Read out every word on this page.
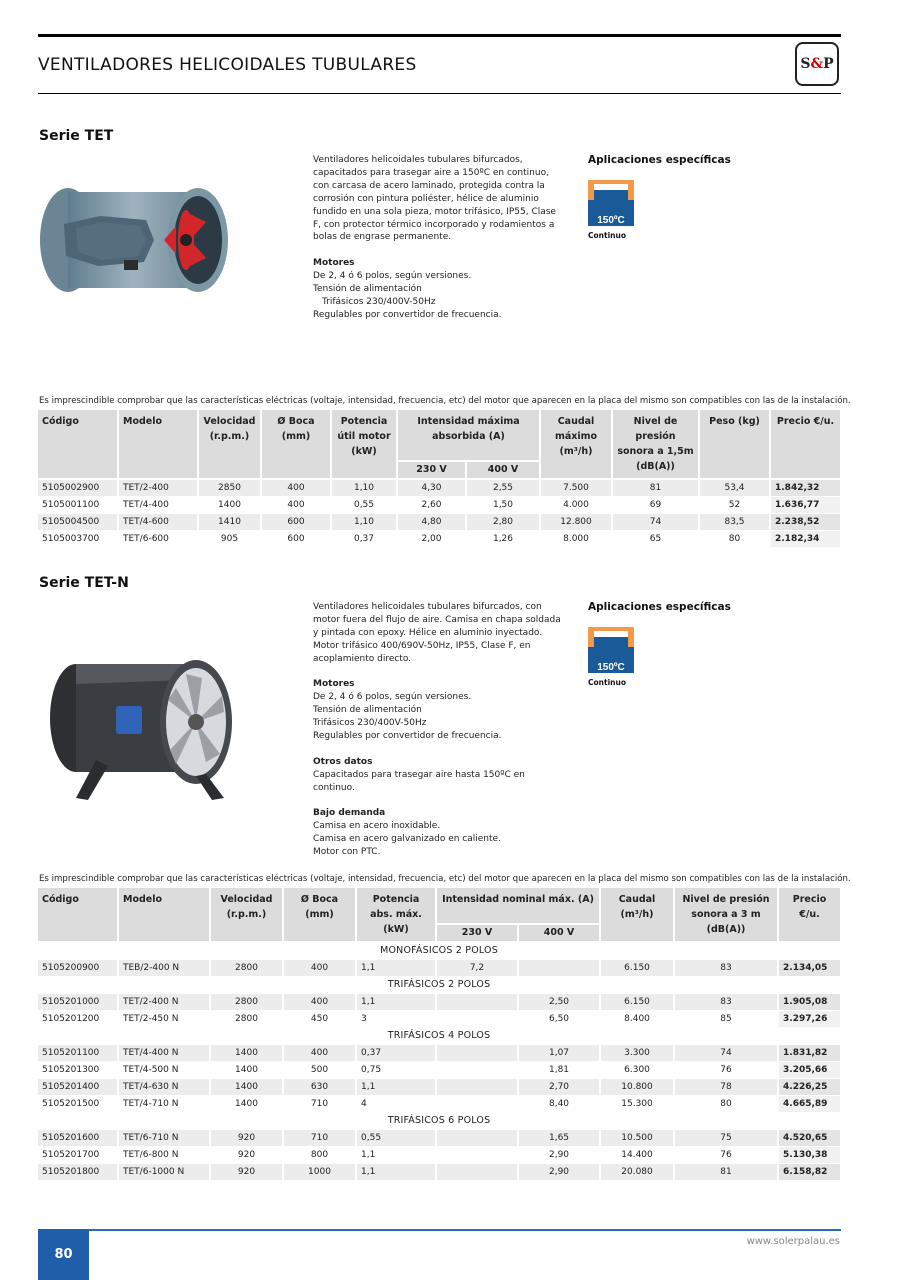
VENTILADORES HELICOIDALES TUBULARES	S&P
Serie TET

Ventiladores helicoidales tubulares bifurcados, capacitados para trasegar aire a 150ºC en continuo, con carcasa de acero laminado, protegida contra la corrosión con pintura poliéster, hélice de aluminio fundido en una sola pieza, motor trifásico, IP55, Clase F, con protector térmico incorporado y rodamientos a bolas de engrase permanente.

Motores
De 2, 4 ó 6 polos, según versiones.
Tensión de alimentación
Trifásicos 230/400V-50Hz
Regulables por convertidor de frecuencia.
Aplicaciones específicas
150ºC
Continuo
Es imprescindible comprobar que las características eléctricas (voltaje, intensidad, frecuencia, etc) del motor que aparecen en la placa del mismo son compatibles con las de la instalación.
Código	Modelo	Velocidad (r.p.m.)	Ø Boca (mm)	Potencia útil motor (kW)	Intensidad máxima absorbida (A)		Caudal máximo (m³/h)	Nivel de presión sonora a 1,5m (dB(A))	Peso (kg)	Precio €/u.
					230 V	400 V				
5105002900	TET/2-400	2850	400	1,10	4,30	2,55	7.500	81	53,4	1.842,32
5105001100	TET/4-400	1400	400	0,55	2,60	1,50	4.000	69	52	1.636,77
5105004500	TET/4-600	1410	600	1,10	4,80	2,80	12.800	74	83,5	2.238,52
5105003700	TET/6-600	905	600	0,37	2,00	1,26	8.000	65	80	2.182,34
Serie TET-N

Ventiladores helicoidales tubulares bifurcados, con motor fuera del flujo de aire. Camisa en chapa soldada y pintada con epoxy. Hélice en aluminio inyectado. Motor trifásico 400/690V-50Hz, IP55, Clase F, en acoplamiento directo.

Motores
De 2, 4 ó 6 polos, según versiones.
Tensión de alimentación
Trifásicos 230/400V-50Hz

Regulables por convertidor de frecuencia.

Otros datos

Capacitados para trasegar aire hasta 150ºC en continuo.

Bajo demanda
Camisa en acero inoxidable.
Camisa en acero galvanizado en caliente.
Motor con PTC.
Aplicaciones específicas
150ºC
Continuo
Es imprescindible comprobar que las características eléctricas (voltaje, intensidad, frecuencia, etc) del motor que aparecen en la placa del mismo son compatibles con las de la instalación.
Código	Modelo	Velocidad (r.p.m.)	Ø Boca (mm)	Potencia abs. máx. (kW)	Intensidad nominal máx. (A)		Caudal (m³/h)	Nivel de presión sonora a 3 m (dB(A))	Precio €/u.
					230 V	400 V			
MONOFÁSICOS 2 POLOS									
5105200900	TEB/2-400 N	2800	400	1,1	7,2		6.150	83	2.134,05
TRIFÁSICOS 2 POLOS									
5105201000	TET/2-400 N	2800	400	1,1		2,50	6.150	83	1.905,08
5105201200	TET/2-450 N	2800	450	3		6,50	8.400	85	3.297,26
TRIFÁSICOS 4 POLOS									
5105201100	TET/4-400 N	1400	400	0,37		1,07	3.300	74	1.831,82
5105201300	TET/4-500 N	1400	500	0,75		1,81	6.300	76	3.205,66
5105201400	TET/4-630 N	1400	630	1,1		2,70	10.800	78	4.226,25
5105201500	TET/4-710 N	1400	710	4		8,40	15.300	80	4.665,89
TRIFÁSICOS 6 POLOS									
5105201600	TET/6-710 N	920	710	0,55		1,65	10.500	75	4.520,65
5105201700	TET/6-800 N	920	800	1,1		2,90	14.400	76	5.130,38
5105201800	TET/6-1000 N	920	1000	1,1		2,90	20.080	81	6.158,82
80
www.solerpalau.es
